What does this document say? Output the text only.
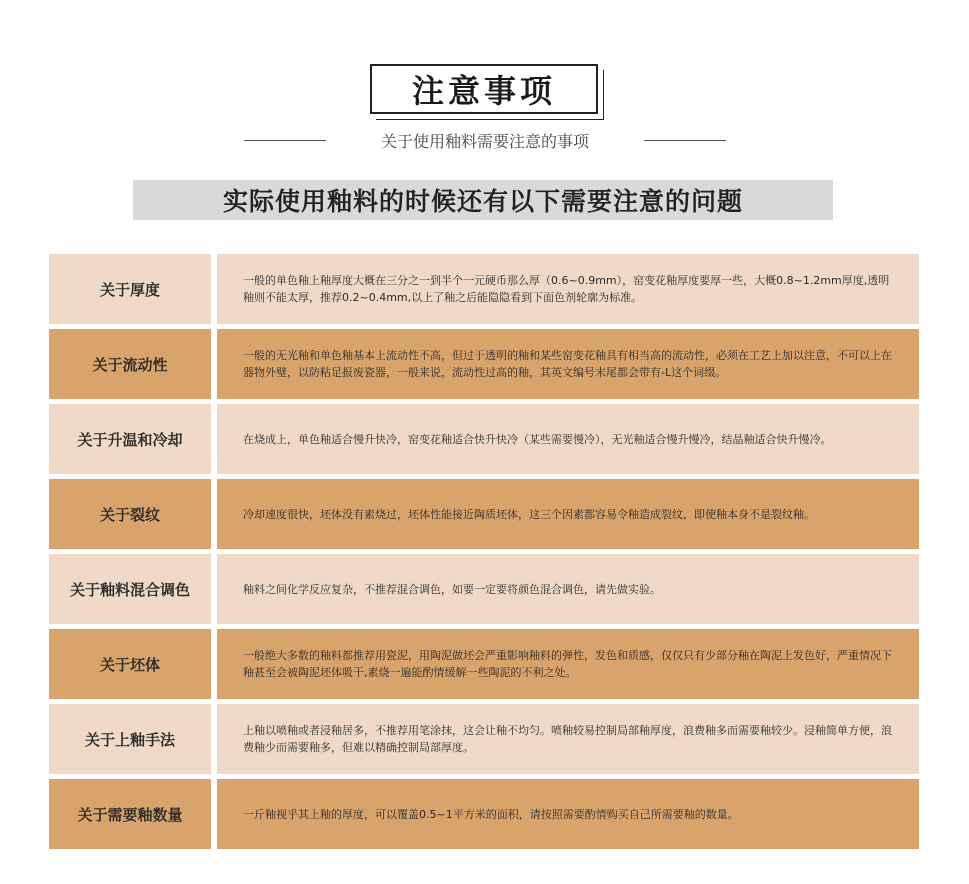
注意事项
关于使用釉料需要注意的事项
实际使用釉料的时候还有以下需要注意的问题
关于厚度	一般的单色釉上釉厚度大概在三分之一到半个一元硬币那么厚（0.6~0.9mm），窑变花釉厚度要厚一些，大概0.8~1.2mm厚度,透明釉则不能太厚，推荐0.2~0.4mm,以上了釉之后能隐隐看到下面色剂轮廓为标准。
关于流动性	一般的无光釉和单色釉基本上流动性不高，但过于透明的釉和某些窑变花釉具有相当高的流动性，必须在工艺上加以注意，不可以上在器物外璧，以防粘足报废瓷器，一般来说，流动性过高的釉，其英文编号末尾都会带有-L这个词缀。
关于升温和冷却	在烧成上，单色釉适合慢升快冷，窑变花釉适合快升快冷（某些需要慢冷），无光釉适合慢升慢冷，结晶釉适合快升慢冷。
关于裂纹	冷却速度很快，坯体没有素烧过，坯体性能接近陶质坯体，这三个因素都容易令釉造成裂纹，即使釉本身不是裂纹釉。
关于釉料混合调色	釉料之间化学反应复杂，不推荐混合调色，如要一定要将颜色混合调色，请先做实验。
关于坯体	一般绝大多数的釉料都推荐用瓷泥，用陶泥做坯会严重影响釉料的弹性，发色和质感，仅仅只有少部分釉在陶泥上发色好，严重情况下釉甚至会被陶泥坯体吸干,素烧一遍能酌情缓解一些陶泥的不利之处。
关于上釉手法	上釉以喷釉或者浸釉居多，不推荐用笔涂抹，这会让釉不均匀。喷釉较易控制局部釉厚度，浪费釉多而需要釉较少。浸釉简单方便，浪费釉少而需要釉多，但难以精确控制局部厚度。
关于需要釉数量	一斤釉视乎其上釉的厚度，可以覆盖0.5~1平方米的面积，请按照需要酌情购买自己所需要釉的数量。
